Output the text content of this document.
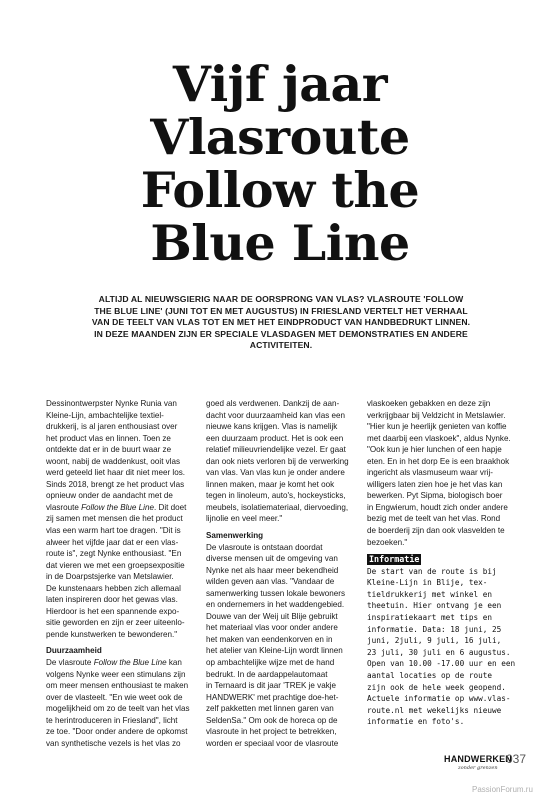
Vijf jaar
Vlasroute
Follow the
Blue Line
ALTIJD AL NIEUWSGIERIG NAAR DE OORSPRONG VAN VLAS? VLASROUTE 'FOLLOW
THE BLUE LINE' (JUNI TOT EN MET AUGUSTUS) IN FRIESLAND VERTELT HET VERHAAL
VAN DE TEELT VAN VLAS TOT EN MET HET EINDPRODUCT VAN HANDBEDRUKT LINNEN.
IN DEZE MAANDEN ZIJN ER SPECIALE VLASDAGEN MET DEMONSTRATIES EN ANDERE
ACTIVITEITEN.
Dessinontwerpster Nynke Runia van
Kleine-Lijn, ambachtelijke textiel-
drukkerij, is al jaren enthousiast over
het product vlas en linnen. Toen ze
ontdekte dat er in de buurt waar ze
woont, nabij de waddenkust, ooit vlas
werd geteeld liet haar dit niet meer los.
Sinds 2018, brengt ze het product vlas
opnieuw onder de aandacht met de
vlasroute Follow the Blue Line. Dit doet
zij samen met mensen die het product
vlas een warm hart toe dragen. "Dit is
alweer het vijfde jaar dat er een vlas-
route is", zegt Nynke enthousiast. "En
dat vieren we met een groepsexpositie
in de Doarpstsjerke van Metslawier.
De kunstenaars hebben zich allemaal
laten inspireren door het gewas vlas.
Hierdoor is het een spannende expo-
sitie geworden en zijn er zeer uiteenlo-
pende kunstwerken te bewonderen."
Duurzaamheid
De vlasroute Follow the Blue Line kan
volgens Nynke weer een stimulans zijn
om meer mensen enthousiast te maken
over de vlasteelt. "En wie weet ook de
mogelijkheid om zo de teelt van het vlas
te herintroduceren in Friesland", licht
ze toe. "Door onder andere de opkomst
van synthetische vezels is het vlas zo
goed als verdwenen. Dankzij de aan-
dacht voor duurzaamheid kan vlas een
nieuwe kans krijgen. Vlas is namelijk
een duurzaam product. Het is ook een
relatief milieuvriendelijke vezel. Er gaat
dan ook niets verloren bij de verwerking
van vlas. Van vlas kun je onder andere
linnen maken, maar je komt het ook
tegen in linoleum, auto's, hockeysticks,
meubels, isolatiemateriaal, diervoeding,
lijnolie en veel meer."
Samenwerking
De vlasroute is ontstaan doordat
diverse mensen uit de omgeving van
Nynke net als haar meer bekendheid
wilden geven aan vlas. "Vandaar de
samenwerking tussen lokale bewoners
en ondernemers in het waddengebied.
Douwe van der Weij uit Blije gebruikt
het materiaal vlas voor onder andere
het maken van eendenkorven en in
het atelier van Kleine-Lijn wordt linnen
op ambachtelijke wijze met de hand
bedrukt. In de aardappelautomaat
in Ternaard is dit jaar 'TREK je vakje
HANDWERK' met prachtige doe-het-
zelf pakketten met linnen garen van
SeldenSa." Om ook de horeca op de
vlasroute in het project te betrekken,
worden er speciaal voor de vlasroute
vlaskoeken gebakken en deze zijn
verkrijgbaar bij Veldzicht in Metslawier.
"Hier kun je heerlijk genieten van koffie
met daarbij een vlaskoek", aldus Nynke.
"Ook kun je hier lunchen of een hapje
eten. En in het dorp Ee is een braakhok
ingericht als vlasmuseum waar vrij-
willigers laten zien hoe je het vlas kan
bewerken. Pyt Sipma, biologisch boer
in Engwierum, houdt zich onder andere
bezig met de teelt van het vlas. Rond
de boerderij zijn dan ook vlasvelden te
bezoeken."
Informatie
De start van de route is bij
Kleine-Lijn in Blije, tex-
tieldrukkerij met winkel en
theetuin. Hier ontvang je een
inspiratiekaart met tips en
informatie. Data: 18 juni, 25
juni, 2juli, 9 juli, 16 juli,
23 juli, 30 juli en 6 augustus.
Open van 10.00 -17.00 uur en een
aantal locaties op de route
zijn ook de hele week geopend.
Actuele informatie op www.vlas-
route.nl met wekelijks nieuwe
informatie en foto's.
HANDWERKEN
zonder grenzen
037
PassionForum.ru
